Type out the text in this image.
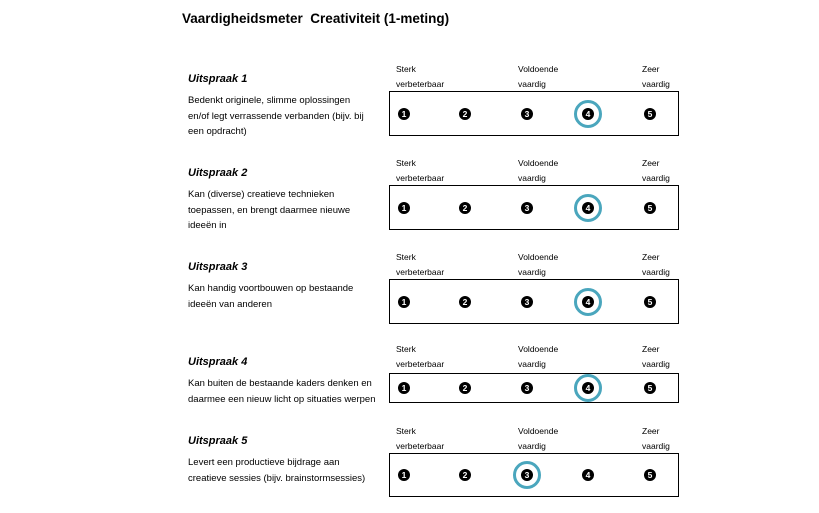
Vaardigheidsmeter  Creativiteit (1-meting)
Uitspraak 1
Bedenkt originele, slimme oplossingen
en/of legt verrassende verbanden (bijv. bij
een opdracht)
Sterk
verbeterbaar
Voldoende
vaardig
Zeer
vaardig
1	2	3	4	5
Uitspraak 2
Kan (diverse) creatieve technieken
toepassen, en brengt daarmee nieuwe
ideeën in
Sterk
verbeterbaar
Voldoende
vaardig
Zeer
vaardig
1	2	3	4	5
Uitspraak 3
Kan handig voortbouwen op bestaande
ideeën van anderen
Sterk
verbeterbaar
Voldoende
vaardig
Zeer
vaardig
1	2	3	4	5
Uitspraak 4
Kan buiten de bestaande kaders denken en
daarmee een nieuw licht op situaties werpen
Sterk
verbeterbaar
Voldoende
vaardig
Zeer
vaardig
1	2	3	4	5
Uitspraak 5
Levert een productieve bijdrage aan
creatieve sessies (bijv. brainstormsessies)
Sterk
verbeterbaar
Voldoende
vaardig
Zeer
vaardig
1	2	3	4	5
